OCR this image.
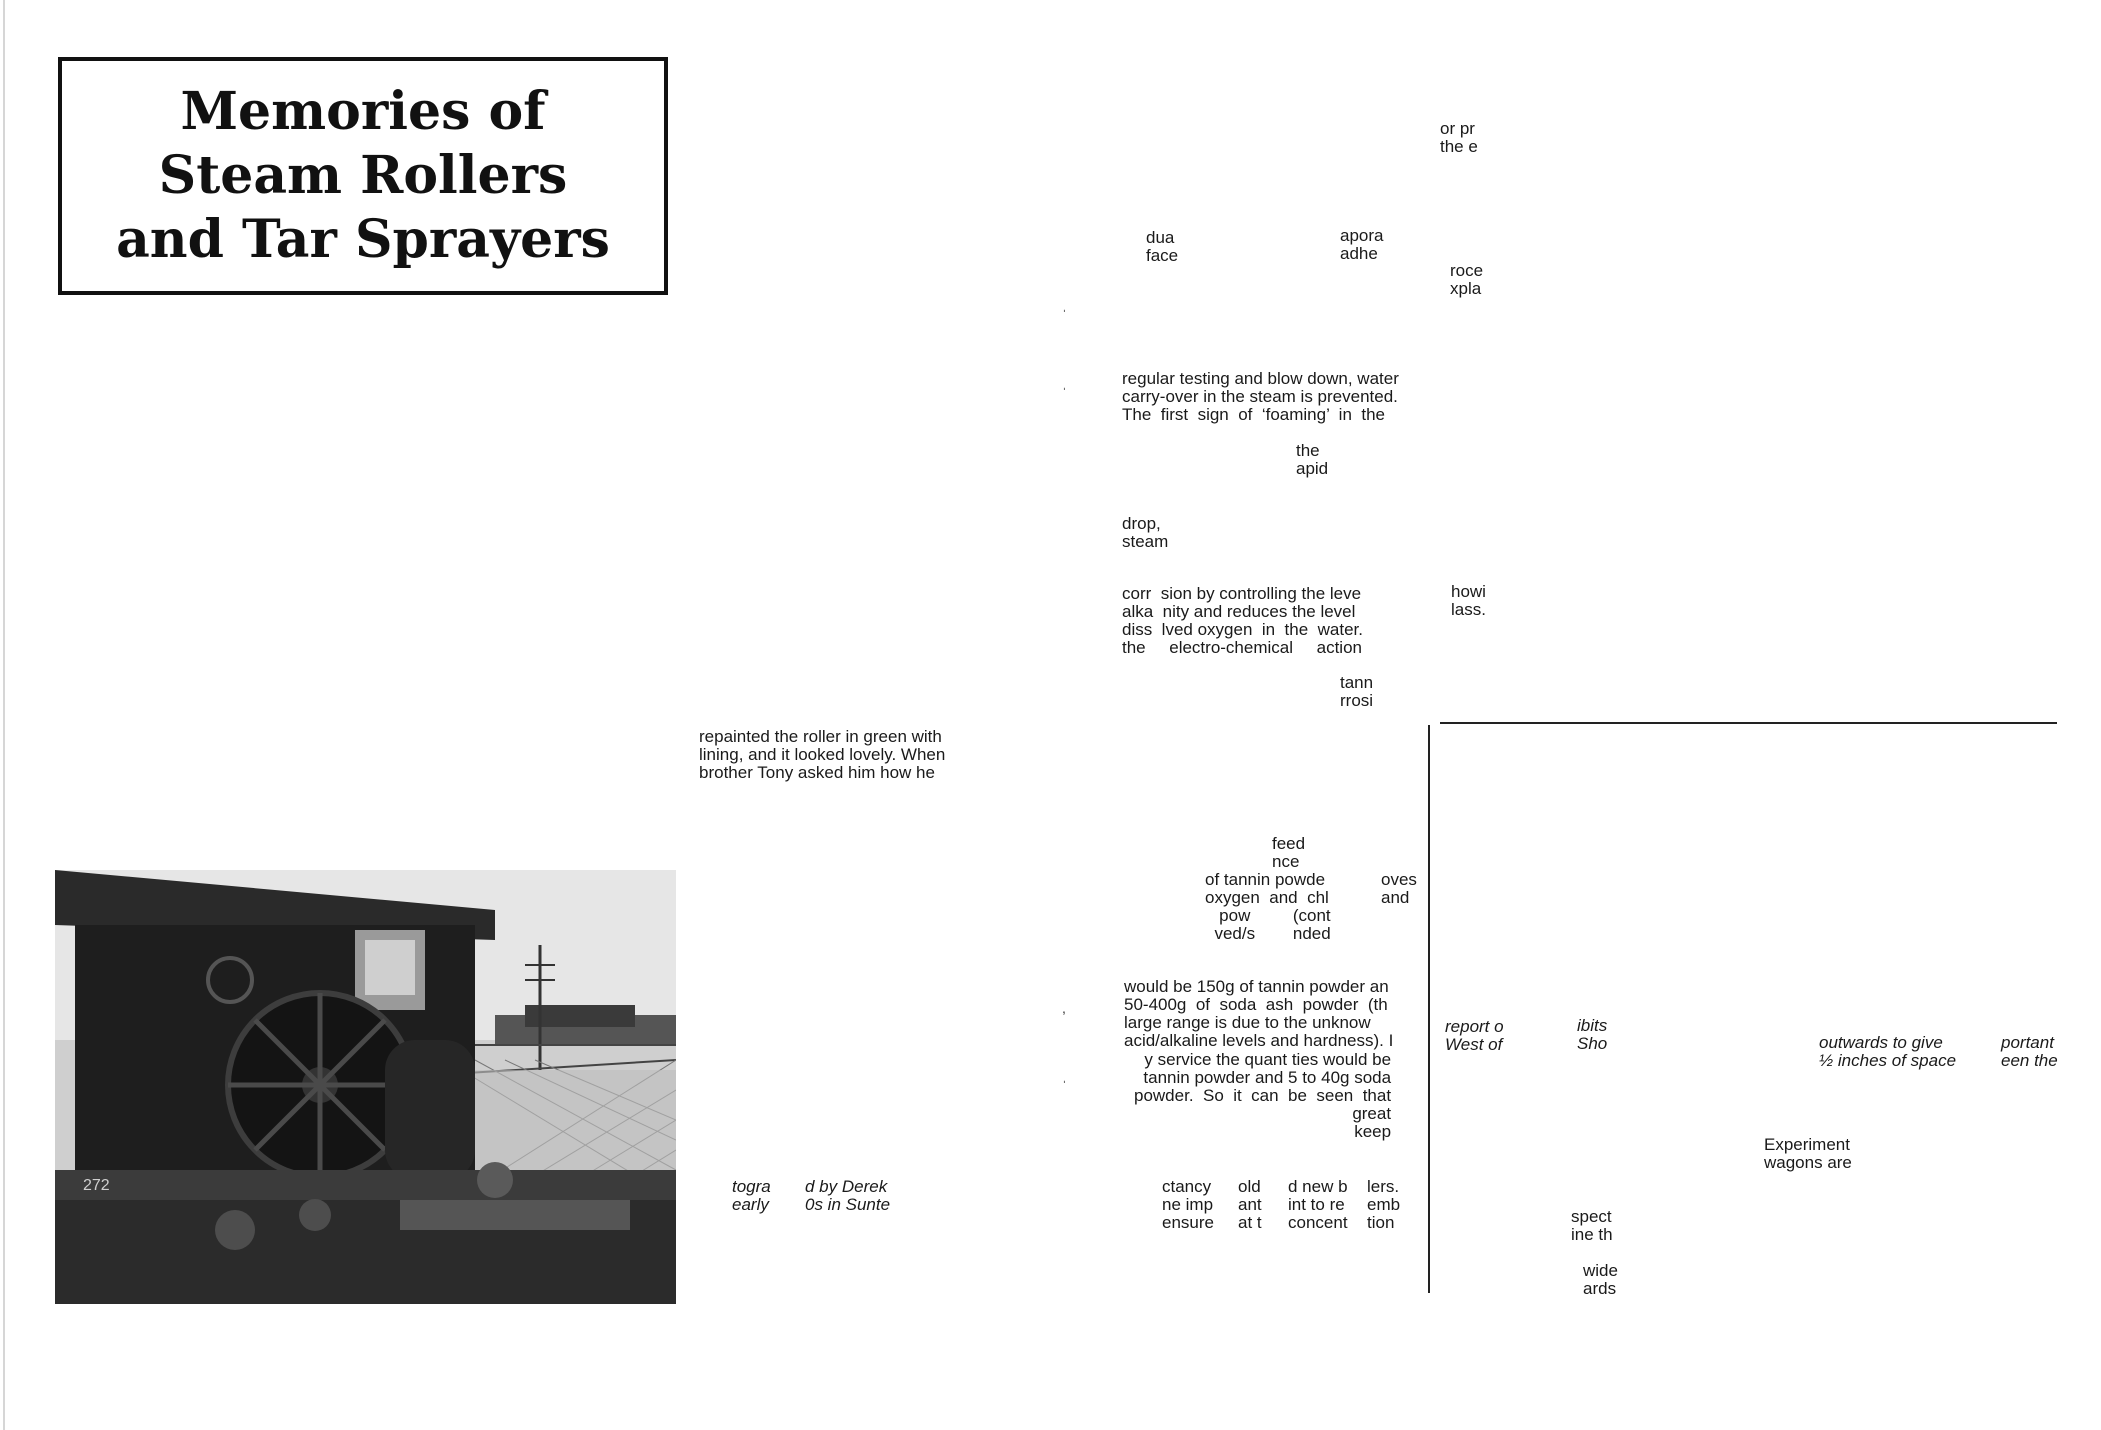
Memories of
Steam Rollers
and Tar Sprayers
repainted the roller in green with
lining, and it looked lovely. When
brother Tony asked him how he
togra
early
d by Derek
0s in Sunte
272
dua
face
apora
adhe
ˈ
ˈ
regular testing and blow down, water
carry-over in the steam is prevented.
The  first  sign  of  ‘foaming’  in  the
the
apid
drop,
steam
corr  sion by controlling the leve
alka  nity and reduces the level
diss  lved oxygen  in  the  water.
the     electro-chemical     action
tann
rrosi
feed
nce
of tannin powde
oxygen  and  chl
pow         (cont
ved/s        nded
oves
and
,
would be 150g of tannin powder an
50-400g  of  soda  ash  powder  (th
large range is due to the unknow
acid/alkaline levels and hardness). I
ˈ
y service the quant ties would be
tannin powder and 5 to 40g soda
powder.  So  it  can  be  seen  that
great
keep
ctancy
ne imp
ensure
old
ant
at t
d new b
int to re
concent
lers.
emb
tion
or pr
the e
roce
xpla
howi
lass.
report o
West of
ibits
Sho
spect
ine th
wide
ards
outwards to give
½ inches of space
portant
een the
Experiment
wagons are
